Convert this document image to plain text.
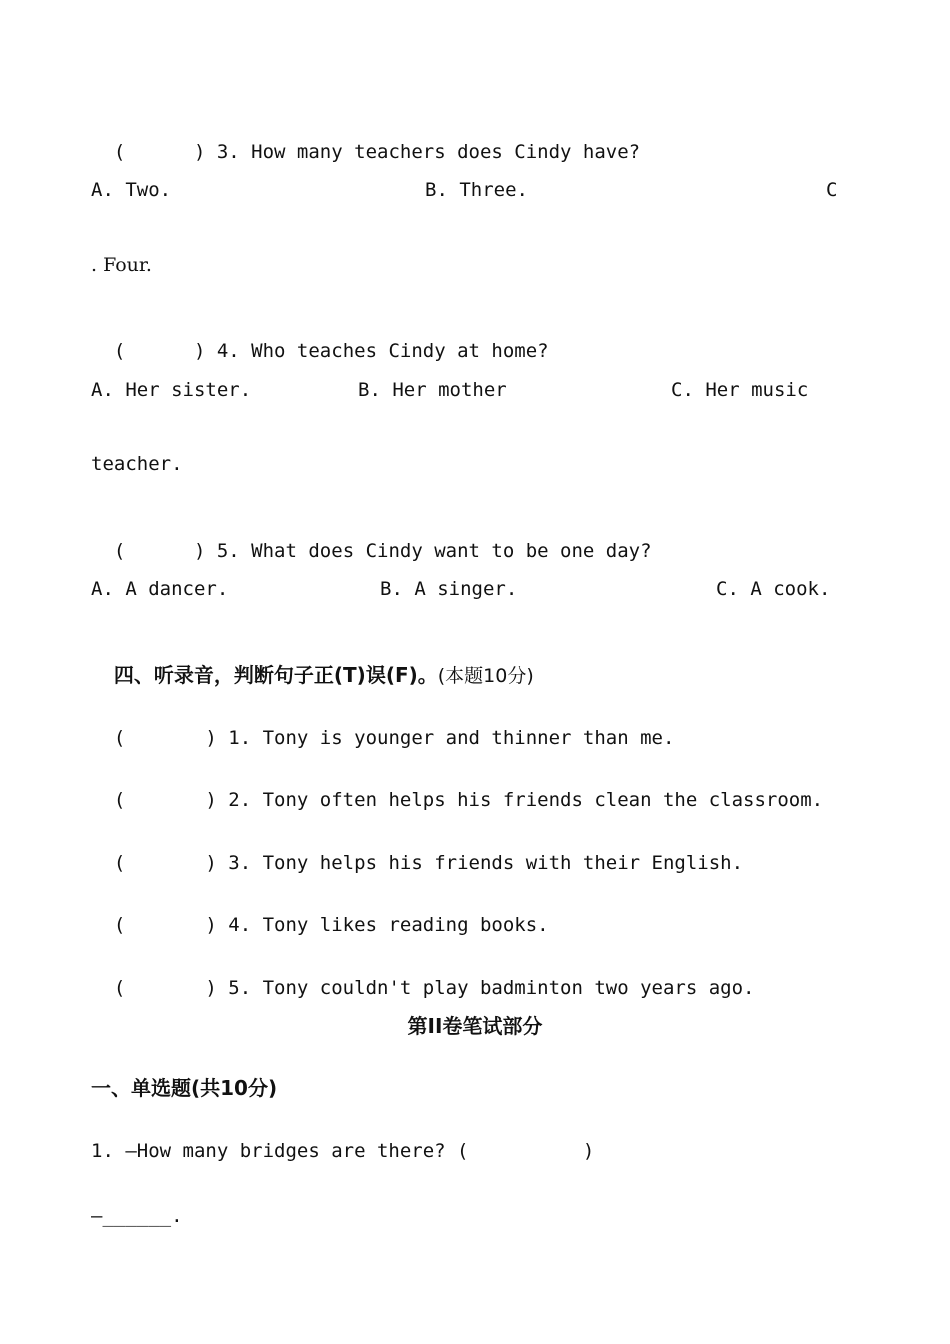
(      ) 3. How many teachers does Cindy have?

A. Two.	B. Three.	C
. Four.

(      ) 4. Who teaches Cindy at home?

A. Her sister.	B. Her mother	C. Her music
teacher.

(      ) 5. What does Cindy want to be one day?

A. A dancer.	B. A singer.	C. A cook.

四、听录音，判断句子正(T)误(F)。(本题10分)

(       ) 1. Tony is younger and thinner than me.

(       ) 2. Tony often helps his friends clean the classroom.

(       ) 3. Tony helps his friends with their English.

(       ) 4. Tony likes reading books.

(       ) 5. Tony couldn't play badminton two years ago.

第II卷笔试部分
一、单选题(共10分)
1. —How many bridges are there? (          )
—______.
